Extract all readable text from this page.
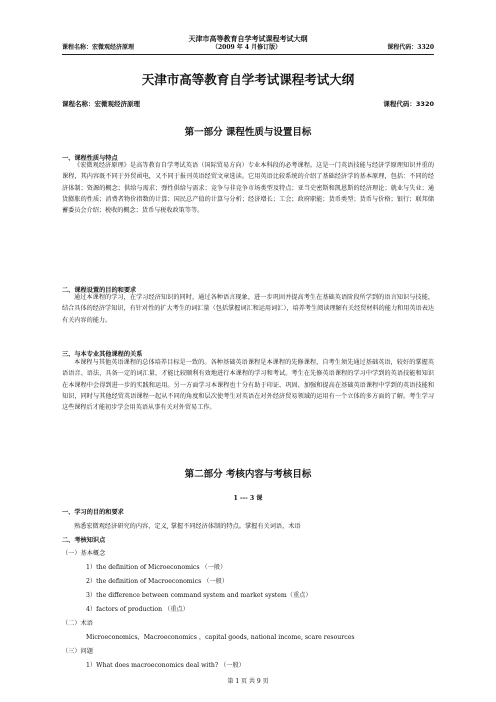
天津市高等教育自学考试课程考试大纲
课程名称：宏微观经济原理	（2009 年 4 月修订版）	课程代码：3320
天津市高等教育自学考试课程考试大纲
课程名称：宏微观经济原理	课程代码：3320
第一部分 课程性质与设置目标
一、课程性质与特点

《宏微观经济原理》是高等教育自学考试英语（国际贸易方向）专业本科段的必考课程。这是一门英语技能与经济学原理知识并重的课程，其内容既不同于外贸函电，又不同于报刊英语经贸文章选读。它用英语比较系统的介绍了基础经济学的基本原理，包括：不同的经济体制；资源的概念；供给与需求；弹性供给与需求；竞争与非竞争市场类型及特点；亚当史密斯和凯恩斯的经济理论；就业与失业；通货膨胀的性质；消费者物价指数的计算；国民总产值的计算与分析；经济增长；工会；政府职能；货币类型；货币与价格；银行；联邦储蓄委员会介绍；税收的概念；货币与税收政策等等。

二、课程设置的目的和要求

通过本课程的学习，在学习经济知识的同时，通过各种语言现象，进一步巩固并提高考生在基础英语阶段所学到的语言知识与技能，结合具体的经济学知识，有针对性的扩大考生的词汇量（包括掌握词汇和运用词汇），培养考生阅读理解有关经贸材料的能力和用英语表达有关内容的能力。

三、与本专业其他课程的关系

本课程与其他英语课程的总体培养目标是一致的。各种基础英语课程是本课程的先修课程，自考生须先通过基础英语，较好的掌握英语语音、语法，具备一定的词汇量，才能比较顺利有效地进行本课程的学习和考试。考生在先修英语课程的学习中学到的英语技能和知识在本课程中会得到进一步的实践和运用。另一方面学习本课程也十分有助于印证、巩固、加强和提高在基础英语课程中学到的英语技能和知识，同时与其他经贸英语课程一起从不同的角度和层次使考生对英语在对外经济贸易领域的运用有一个立体的多方面的了解。考生学习这些课程后才能初步学会用英语从事有关对外贸易工作。

第二部分 考核内容与考核目标
1 --- 3 课
一、学习的目的和要求
熟悉宏微观经济研究的内容，定义, 掌握不同经济体制的特点。掌握有关词语，术语
二、考核知识点
（一）基本概念
1）the definition of Microeconomics （一般）
2）the definition of Macroeconomics （一般）
3）the difference between command system and market system（重点）
4）factors of production （重点）
（二）术语
Microeconomics，Macroeconomics ，capital goods, national income, scare resources
（三）问题
1）What does macroeconomics deal with? （一般）
第 1 页 共 9 页
